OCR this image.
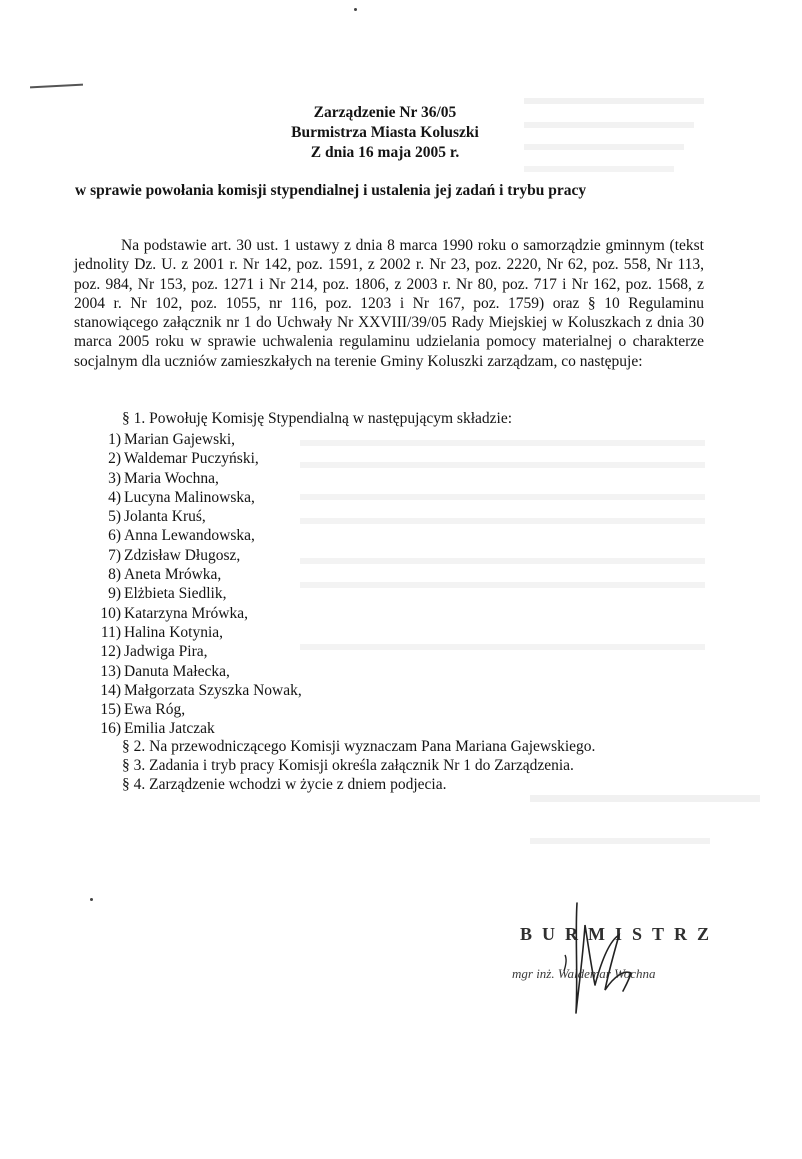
Zarządzenie Nr 36/05
Burmistrza Miasta Koluszki
Z dnia 16 maja 2005 r.
w sprawie powołania komisji stypendialnej i ustalenia jej zadań i trybu pracy
Na podstawie art. 30 ust. 1 ustawy z dnia 8 marca 1990 roku o samorządzie gminnym (tekst jednolity Dz. U. z 2001 r. Nr 142, poz. 1591, z 2002 r. Nr 23, poz. 2220, Nr 62, poz. 558, Nr 113, poz. 984, Nr 153, poz. 1271 i Nr 214, poz. 1806, z 2003 r. Nr 80, poz. 717 i Nr 162, poz. 1568, z 2004 r. Nr 102, poz. 1055, nr 116, poz. 1203 i Nr 167, poz. 1759) oraz § 10 Regulaminu stanowiącego załącznik nr 1 do Uchwały Nr XXVIII/39/05 Rady Miejskiej w Koluszkach z dnia 30 marca 2005 roku w sprawie uchwalenia regulaminu udzielania pomocy materialnej o charakterze socjalnym dla uczniów zamieszkałych na terenie Gminy Koluszki zarządzam, co następuje:
§ 1. Powołuję Komisję Stypendialną w następującym składzie:
1) Marian Gajewski,
2) Waldemar Puczyński,
3) Maria Wochna,
4) Lucyna Malinowska,
5) Jolanta Kruś,
6) Anna Lewandowska,
7) Zdzisław Długosz,
8) Aneta Mrówka,
9) Elżbieta Siedlik,
10) Katarzyna Mrówka,
11) Halina Kotynia,
12) Jadwiga Pira,
13) Danuta Małecka,
14) Małgorzata Szyszka Nowak,
15) Ewa Róg,
16) Emilia Jatczak
§ 2. Na przewodniczącego Komisji wyznaczam Pana Mariana Gajewskiego.
§ 3. Zadania i tryb pracy Komisji określa załącznik Nr 1 do Zarządzenia.
§ 4. Zarządzenie wchodzi w życie z dniem podjecia.
BURMISTRZ
mgr inż. Waldemar Wochna
